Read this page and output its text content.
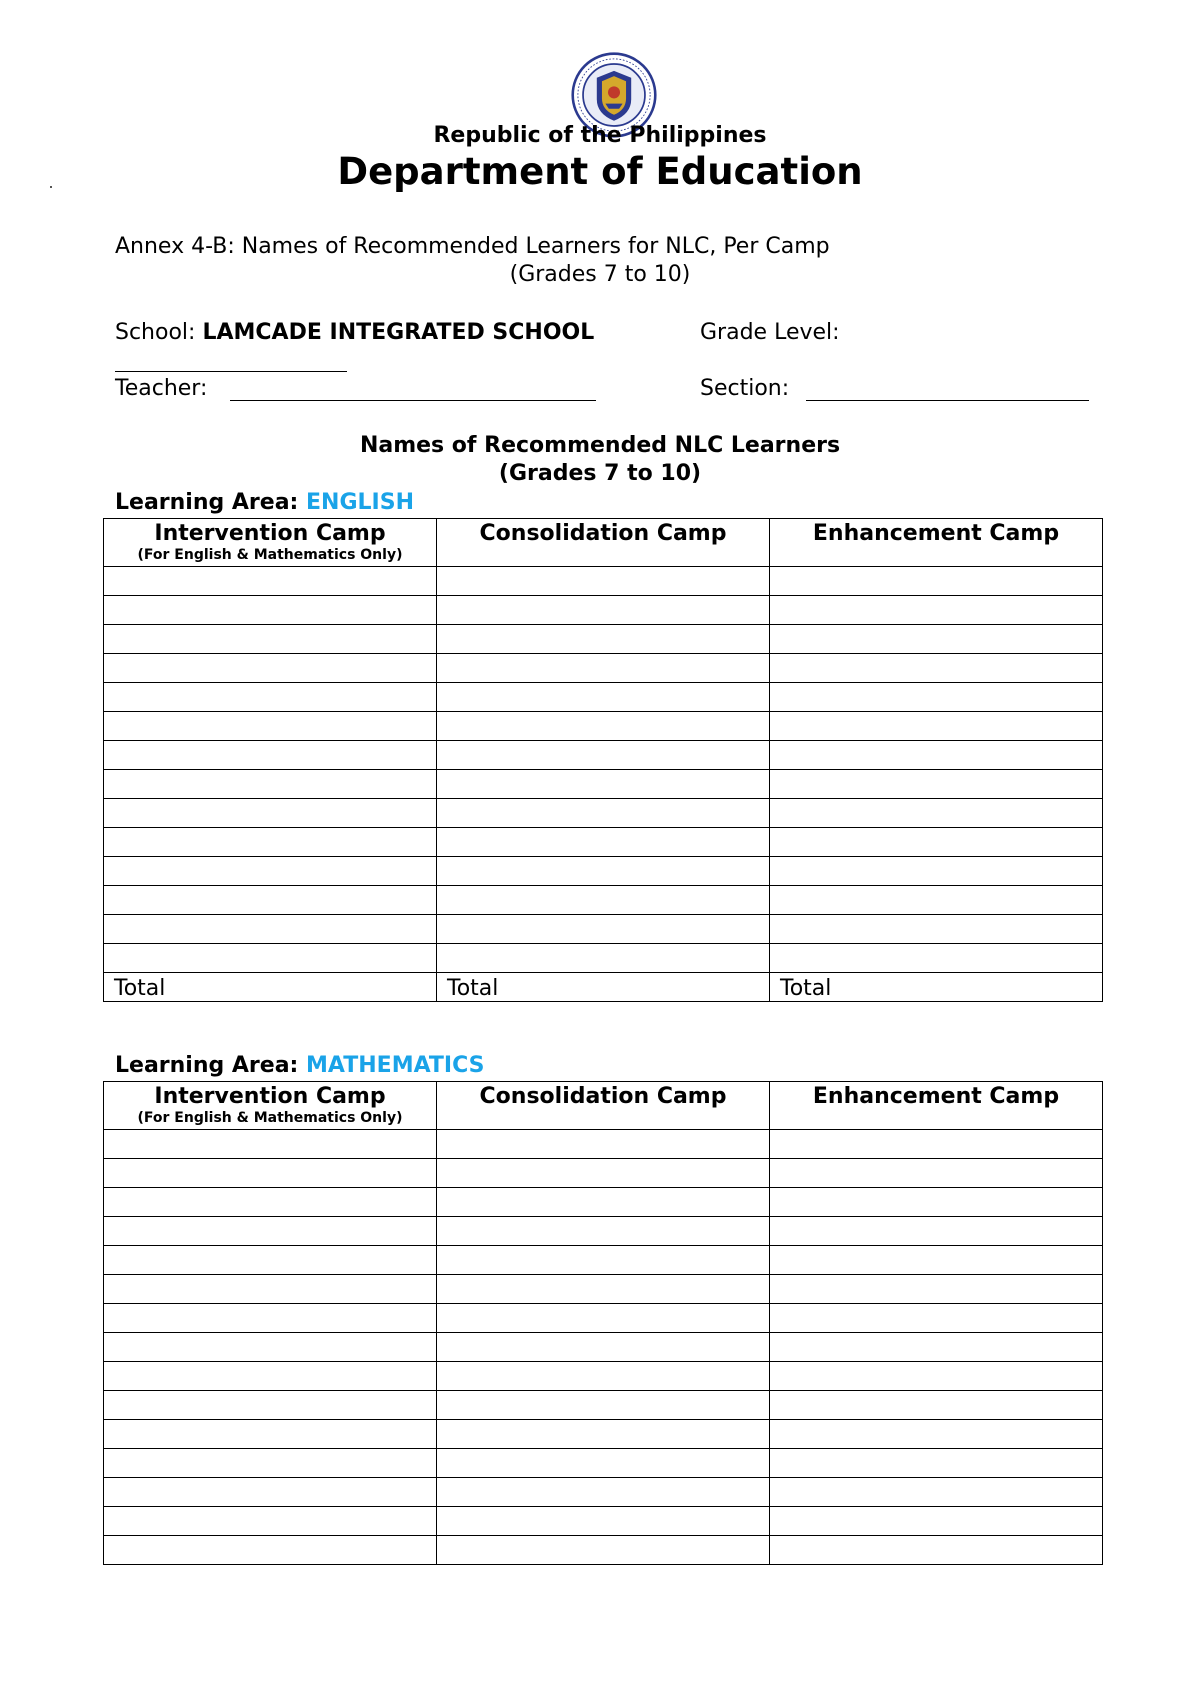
Republic of the Philippines
Department of Education
Annex 4-B: Names of Recommended Learners for NLC, Per Camp
(Grades 7 to 10)
School: LAMCADE INTEGRATED SCHOOL	Grade Level:
Teacher:	Section:
Names of Recommended NLC Learners
(Grades 7 to 10)
Learning Area: ENGLISH
Intervention Camp
(For English & Mathematics Only)	Consolidation Camp	Enhancement Camp

Total	Total	Total
Learning Area: MATHEMATICS
Intervention Camp
(For English & Mathematics Only)	Consolidation Camp	Enhancement Camp
